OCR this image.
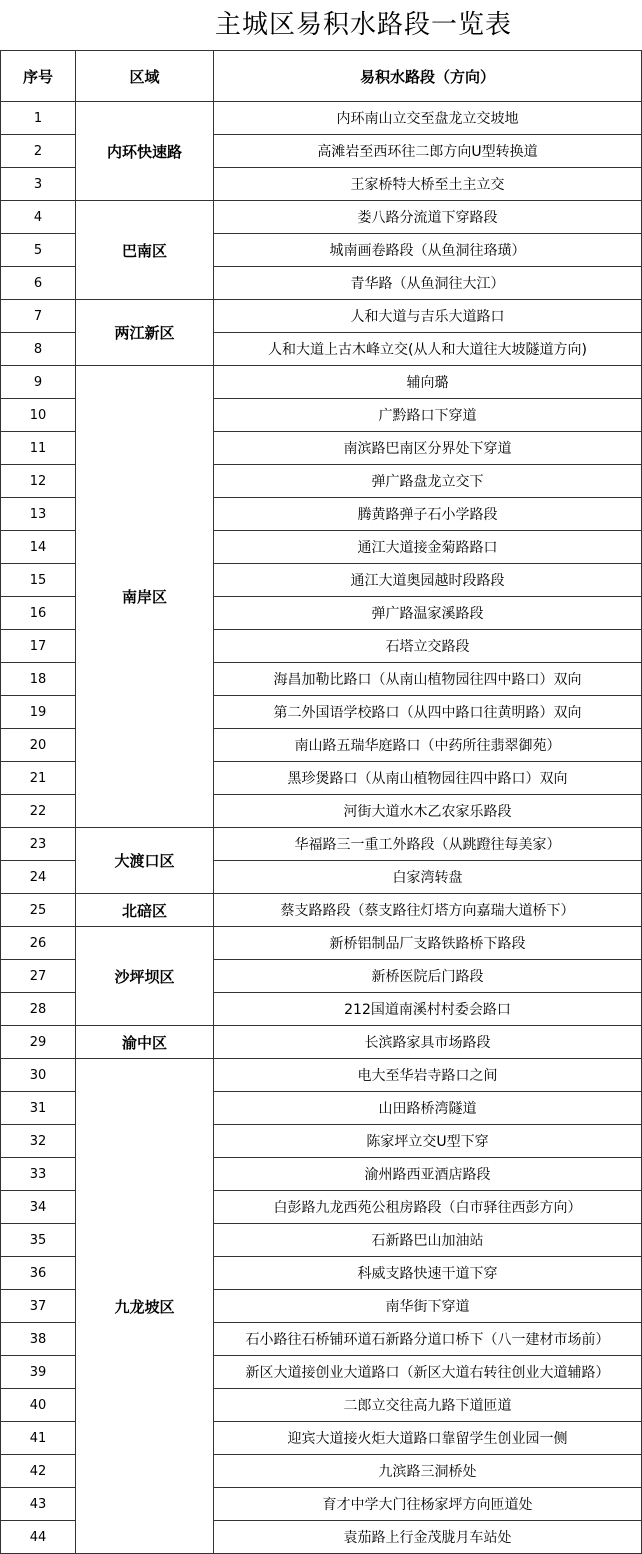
主城区易积水路段一览表
序号	区域	易积水路段（方向）
1	内环快速路	内环南山立交至盘龙立交坡地
2		高滩岩至西环往二郎方向U型转换道
3		王家桥特大桥至土主立交
4	巴南区	娄八路分流道下穿路段
5		城南画卷路段（从鱼洞往珞璜）
6		青华路（从鱼洞往大江）
7	两江新区	人和大道与吉乐大道路口
8		人和大道上古木峰立交(从人和大道往大坡隧道方向)
9	南岸区	辅向璐
10		广黔路口下穿道
11		南滨路巴南区分界处下穿道
12		弹广路盘龙立交下
13		腾黄路弹子石小学路段
14		通江大道接金菊路路口
15		通江大道奥园越时段路段
16		弹广路温家溪路段
17		石塔立交路段
18		海昌加勒比路口（从南山植物园往四中路口）双向
19		第二外国语学校路口（从四中路口往黄明路）双向
20		南山路五瑞华庭路口（中药所往翡翠御苑）
21		黑珍煲路口（从南山植物园往四中路口）双向
22		河街大道水木乙农家乐路段
23	大渡口区	华福路三一重工外路段（从跳蹬往每美家）
24		白家湾转盘
25	北碚区	蔡支路路段（蔡支路往灯塔方向嘉瑞大道桥下）
26	沙坪坝区	新桥铝制品厂支路铁路桥下路段
27		新桥医院后门路段
28		212国道南溪村村委会路口
29	渝中区	长滨路家具市场路段
30	九龙坡区	电大至华岩寺路口之间
31		山田路桥湾隧道
32		陈家坪立交U型下穿
33		渝州路西亚酒店路段
34		白彭路九龙西苑公租房路段（白市驿往西彭方向）
35		石新路巴山加油站
36		科威支路快速干道下穿
37		南华街下穿道
38		石小路往石桥铺环道石新路分道口桥下（八一建材市场前）
39		新区大道接创业大道路口（新区大道右转往创业大道辅路）
40		二郎立交往高九路下道匝道
41		迎宾大道接火炬大道路口靠留学生创业园一侧
42		九滨路三洞桥处
43		育才中学大门往杨家坪方向匝道处
44		袁茄路上行金茂胧月车站处
